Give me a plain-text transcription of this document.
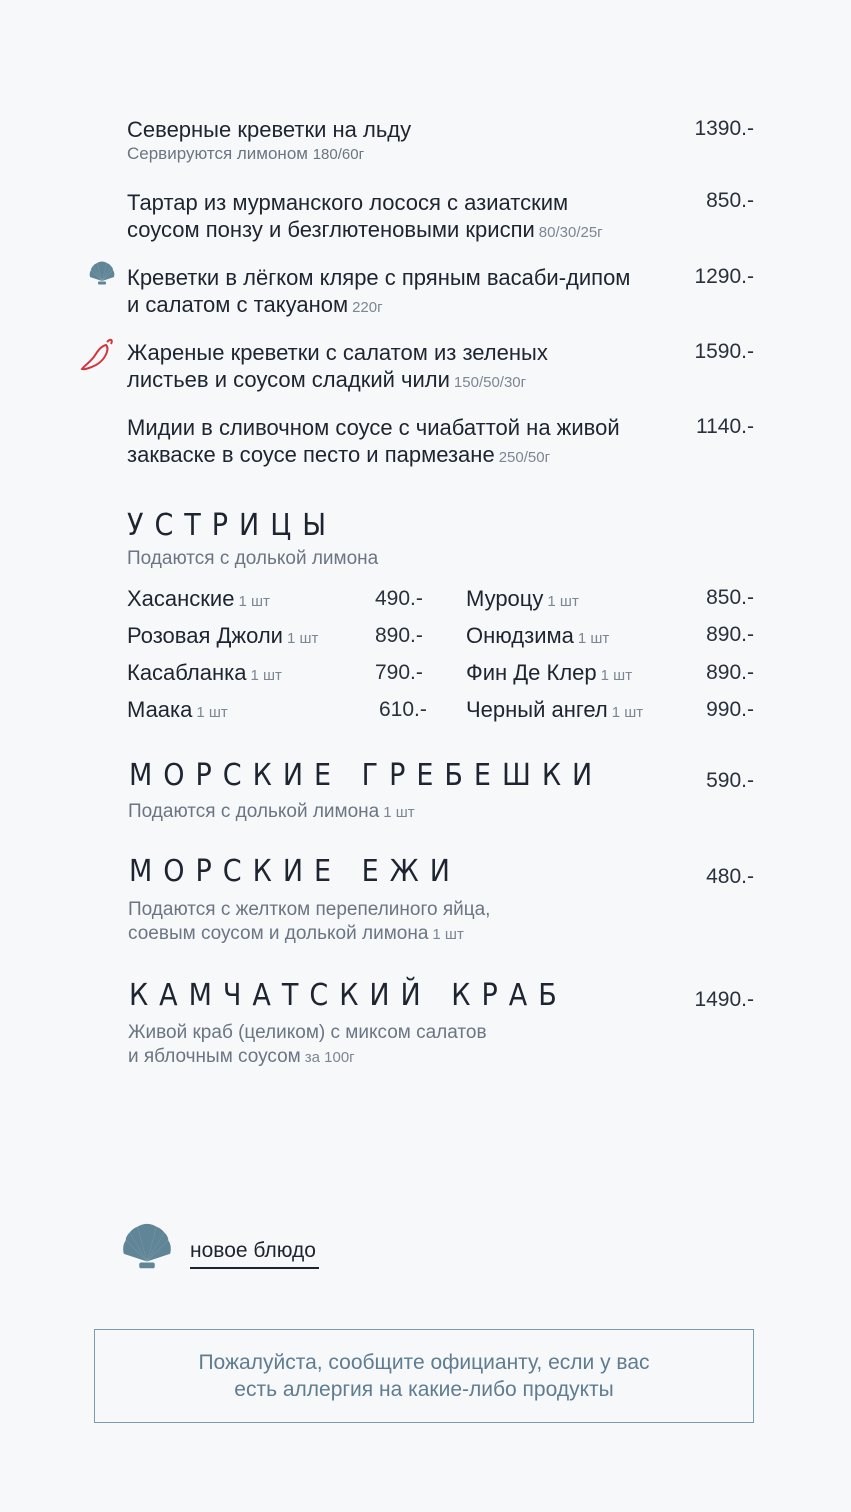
Северные креветки на льду
Сервируются лимоном 180/60г
1390.-
Тартар из мурманского лосося с азиатским
соусом понзу и безглютеновыми криспи 80/30/25г
850.-
Креветки в лёгком кляре с пряным васаби-дипом
и салатом с такуаном 220г
1290.-
Жареные креветки с салатом из зеленых
листьев и соусом сладкий чили 150/50/30г
1590.-
Мидии в сливочном соусе с чиабаттой на живой
закваске в соусе песто и пармезане 250/50г
1140.-
УСТРИЦЫ
Подаются с долькой лимона
Хасанские 1 шт	490.-
Розовая Джоли 1 шт	890.-
Касабланка 1 шт	790.-
Маака 1 шт	610.-
Муроцу 1 шт	850.-
Онюдзима 1 шт	890.-
Фин Де Клер 1 шт	890.-
Черный ангел 1 шт	990.-
МОРСКИЕ ГРЕБЕШКИ	590.-
Подаются с долькой лимона 1 шт
МОРСКИЕ ЕЖИ	480.-
Подаются с желтком перепелиного яйца,
соевым соусом и долькой лимона 1 шт
КАМЧАТСКИЙ КРАБ	1490.-
Живой краб (целиком) с миксом салатов
и яблочным соусом за 100г
новое блюдо
Пожалуйста, сообщите официанту, если у вас
есть аллергия на какие-либо продукты
